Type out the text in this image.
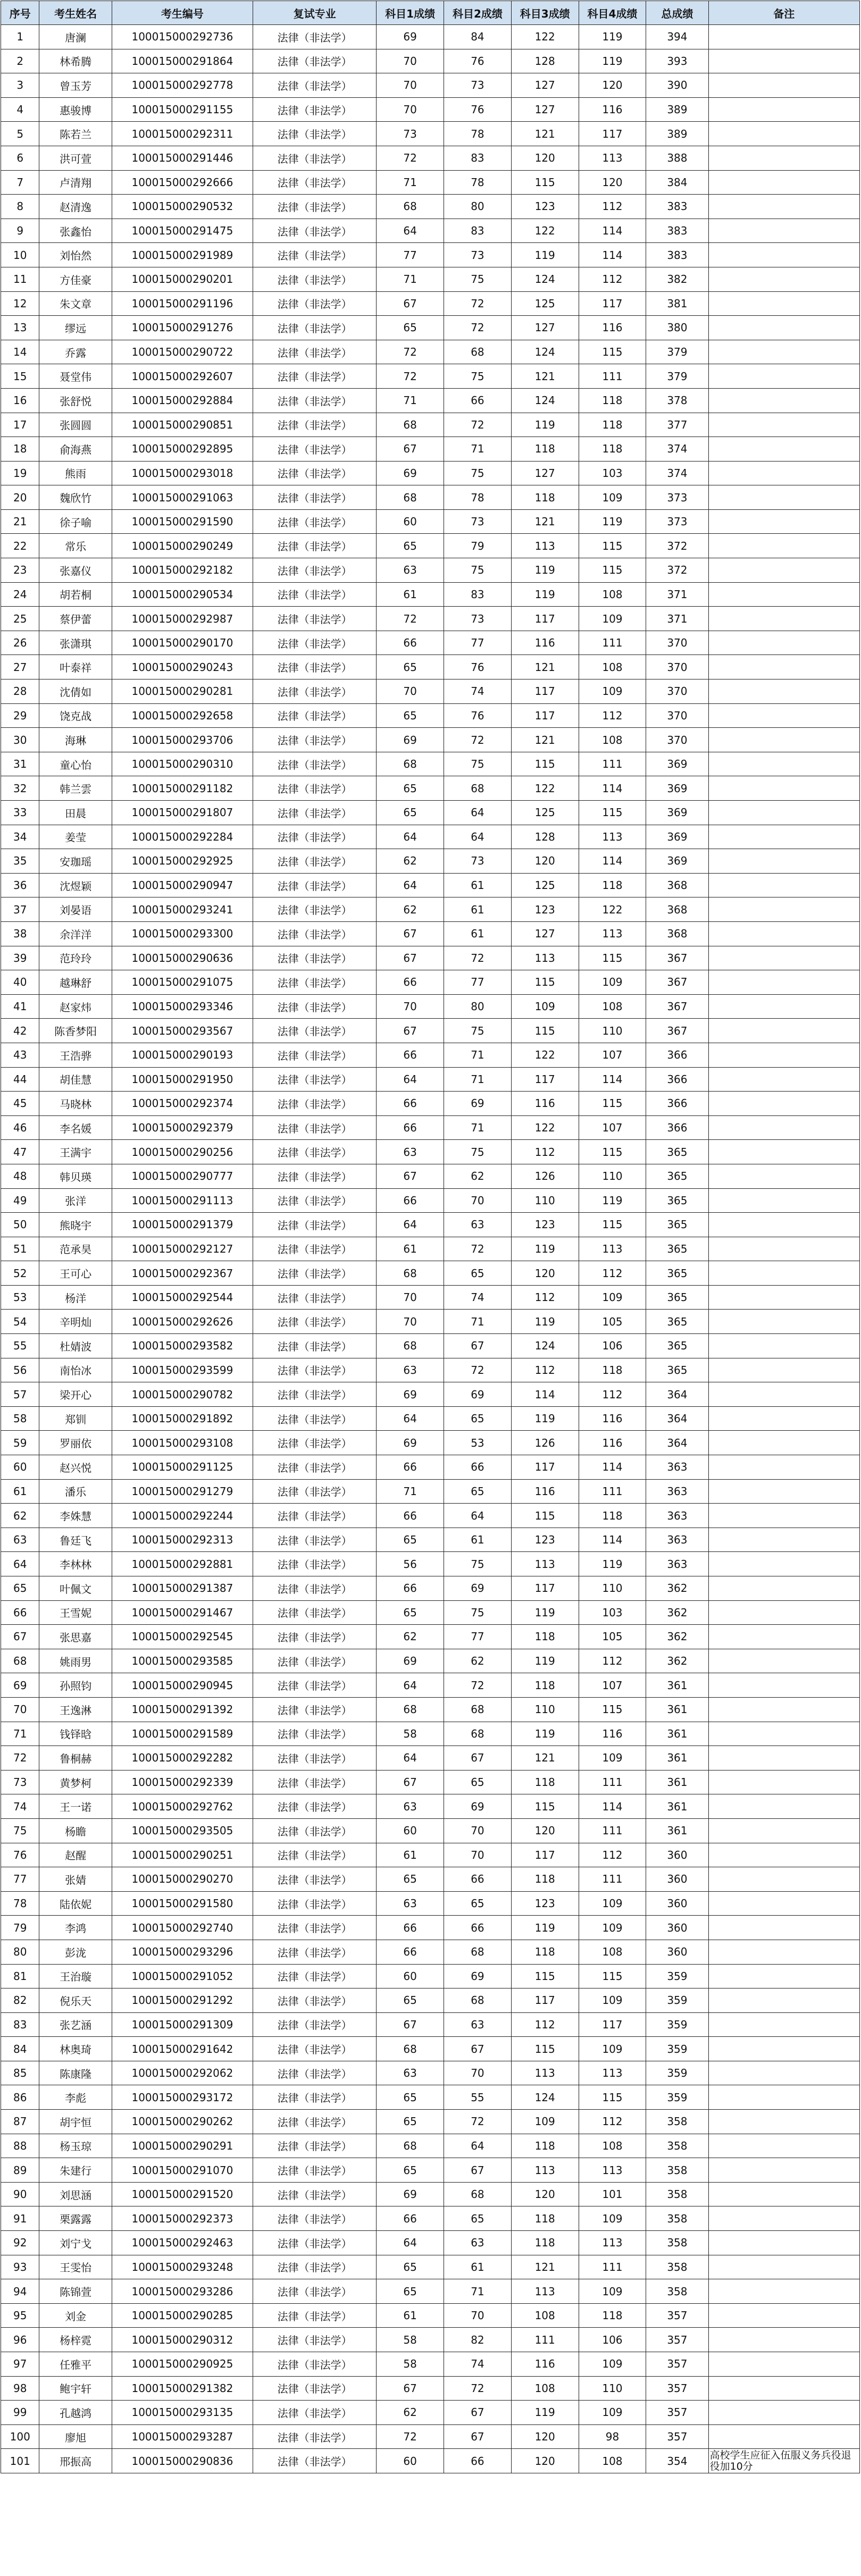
序号	考生姓名	考生编号	复试专业	科目1成绩	科目2成绩	科目3成绩	科目4成绩	总成绩	备注
1	唐澜	100015000292736	法律（非法学）	69	84	122	119	394	
2	林希腾	100015000291864	法律（非法学）	70	76	128	119	393	
3	曾玉芳	100015000292778	法律（非法学）	70	73	127	120	390	
4	惠骏博	100015000291155	法律（非法学）	70	76	127	116	389	
5	陈若兰	100015000292311	法律（非法学）	73	78	121	117	389	
6	洪可萱	100015000291446	法律（非法学）	72	83	120	113	388	
7	卢清翔	100015000292666	法律（非法学）	71	78	115	120	384	
8	赵清逸	100015000290532	法律（非法学）	68	80	123	112	383	
9	张鑫怡	100015000291475	法律（非法学）	64	83	122	114	383	
10	刘怡然	100015000291989	法律（非法学）	77	73	119	114	383	
11	方佳豪	100015000290201	法律（非法学）	71	75	124	112	382	
12	朱文章	100015000291196	法律（非法学）	67	72	125	117	381	
13	缪远	100015000291276	法律（非法学）	65	72	127	116	380	
14	乔露	100015000290722	法律（非法学）	72	68	124	115	379	
15	聂堂伟	100015000292607	法律（非法学）	72	75	121	111	379	
16	张舒悦	100015000292884	法律（非法学）	71	66	124	118	378	
17	张圆圆	100015000290851	法律（非法学）	68	72	119	118	377	
18	俞海燕	100015000292895	法律（非法学）	67	71	118	118	374	
19	熊雨	100015000293018	法律（非法学）	69	75	127	103	374	
20	魏欣竹	100015000291063	法律（非法学）	68	78	118	109	373	
21	徐子喻	100015000291590	法律（非法学）	60	73	121	119	373	
22	常乐	100015000290249	法律（非法学）	65	79	113	115	372	
23	张嘉仪	100015000292182	法律（非法学）	63	75	119	115	372	
24	胡若桐	100015000290534	法律（非法学）	61	83	119	108	371	
25	蔡伊蕾	100015000292987	法律（非法学）	72	73	117	109	371	
26	张潇琪	100015000290170	法律（非法学）	66	77	116	111	370	
27	叶泰祥	100015000290243	法律（非法学）	65	76	121	108	370	
28	沈倩如	100015000290281	法律（非法学）	70	74	117	109	370	
29	饶克战	100015000292658	法律（非法学）	65	76	117	112	370	
30	海琳	100015000293706	法律（非法学）	69	72	121	108	370	
31	童心怡	100015000290310	法律（非法学）	68	75	115	111	369	
32	韩兰雲	100015000291182	法律（非法学）	65	68	122	114	369	
33	田晨	100015000291807	法律（非法学）	65	64	125	115	369	
34	姜莹	100015000292284	法律（非法学）	64	64	128	113	369	
35	安珈瑶	100015000292925	法律（非法学）	62	73	120	114	369	
36	沈煜颖	100015000290947	法律（非法学）	64	61	125	118	368	
37	刘晏语	100015000293241	法律（非法学）	62	61	123	122	368	
38	余洋洋	100015000293300	法律（非法学）	67	61	127	113	368	
39	范玲玲	100015000290636	法律（非法学）	67	72	113	115	367	
40	越琳舒	100015000291075	法律（非法学）	66	77	115	109	367	
41	赵家炜	100015000293346	法律（非法学）	70	80	109	108	367	
42	陈香梦阳	100015000293567	法律（非法学）	67	75	115	110	367	
43	王浩骅	100015000290193	法律（非法学）	66	71	122	107	366	
44	胡佳慧	100015000291950	法律（非法学）	64	71	117	114	366	
45	马晓林	100015000292374	法律（非法学）	66	69	116	115	366	
46	李名媛	100015000292379	法律（非法学）	66	71	122	107	366	
47	王满宇	100015000290256	法律（非法学）	63	75	112	115	365	
48	韩贝瑛	100015000290777	法律（非法学）	67	62	126	110	365	
49	张洋	100015000291113	法律（非法学）	66	70	110	119	365	
50	熊晓宇	100015000291379	法律（非法学）	64	63	123	115	365	
51	范承昊	100015000292127	法律（非法学）	61	72	119	113	365	
52	王可心	100015000292367	法律（非法学）	68	65	120	112	365	
53	杨洋	100015000292544	法律（非法学）	70	74	112	109	365	
54	辛明灿	100015000292626	法律（非法学）	70	71	119	105	365	
55	杜婧波	100015000293582	法律（非法学）	68	67	124	106	365	
56	南怡冰	100015000293599	法律（非法学）	63	72	112	118	365	
57	梁开心	100015000290782	法律（非法学）	69	69	114	112	364	
58	郑钏	100015000291892	法律（非法学）	64	65	119	116	364	
59	罗丽依	100015000293108	法律（非法学）	69	53	126	116	364	
60	赵兴悦	100015000291125	法律（非法学）	66	66	117	114	363	
61	潘乐	100015000291279	法律（非法学）	71	65	116	111	363	
62	李姝慧	100015000292244	法律（非法学）	66	64	115	118	363	
63	鲁廷飞	100015000292313	法律（非法学）	65	61	123	114	363	
64	李林林	100015000292881	法律（非法学）	56	75	113	119	363	
65	叶佩文	100015000291387	法律（非法学）	66	69	117	110	362	
66	王雪妮	100015000291467	法律（非法学）	65	75	119	103	362	
67	张思嘉	100015000292545	法律（非法学）	62	77	118	105	362	
68	姚雨男	100015000293585	法律（非法学）	69	62	119	112	362	
69	孙照钧	100015000290945	法律（非法学）	64	72	118	107	361	
70	王逸淋	100015000291392	法律（非法学）	68	68	110	115	361	
71	钱铎晗	100015000291589	法律（非法学）	58	68	119	116	361	
72	鲁桐赫	100015000292282	法律（非法学）	64	67	121	109	361	
73	黄梦柯	100015000292339	法律（非法学）	67	65	118	111	361	
74	王一诺	100015000292762	法律（非法学）	63	69	115	114	361	
75	杨瞻	100015000293505	法律（非法学）	60	70	120	111	361	
76	赵醒	100015000290251	法律（非法学）	61	70	117	112	360	
77	张婧	100015000290270	法律（非法学）	65	66	118	111	360	
78	陆依妮	100015000291580	法律（非法学）	63	65	123	109	360	
79	李鸿	100015000292740	法律（非法学）	66	66	119	109	360	
80	彭泷	100015000293296	法律（非法学）	66	68	118	108	360	
81	王治璇	100015000291052	法律（非法学）	60	69	115	115	359	
82	倪乐天	100015000291292	法律（非法学）	65	68	117	109	359	
83	张艺涵	100015000291309	法律（非法学）	67	63	112	117	359	
84	林奥琦	100015000291642	法律（非法学）	68	67	115	109	359	
85	陈康隆	100015000292062	法律（非法学）	63	70	113	113	359	
86	李彪	100015000293172	法律（非法学）	65	55	124	115	359	
87	胡宇恒	100015000290262	法律（非法学）	65	72	109	112	358	
88	杨玉琼	100015000290291	法律（非法学）	68	64	118	108	358	
89	朱建行	100015000291070	法律（非法学）	65	67	113	113	358	
90	刘思涵	100015000291520	法律（非法学）	69	68	120	101	358	
91	栗露露	100015000292373	法律（非法学）	66	65	118	109	358	
92	刘宁戈	100015000292463	法律（非法学）	64	63	118	113	358	
93	王雯怡	100015000293248	法律（非法学）	65	61	121	111	358	
94	陈锦萱	100015000293286	法律（非法学）	65	71	113	109	358	
95	刘金	100015000290285	法律（非法学）	61	70	108	118	357	
96	杨梓霓	100015000290312	法律（非法学）	58	82	111	106	357	
97	任雅平	100015000290925	法律（非法学）	58	74	116	109	357	
98	鲍宇轩	100015000291382	法律（非法学）	67	72	108	110	357	
99	孔越鸿	100015000293135	法律（非法学）	62	67	119	109	357	
100	廖旭	100015000293287	法律（非法学）	72	67	120	98	357	
101	邢振高	100015000290836	法律（非法学）	60	66	120	108	354	高校学生应征入伍服义务兵役退役加10分
